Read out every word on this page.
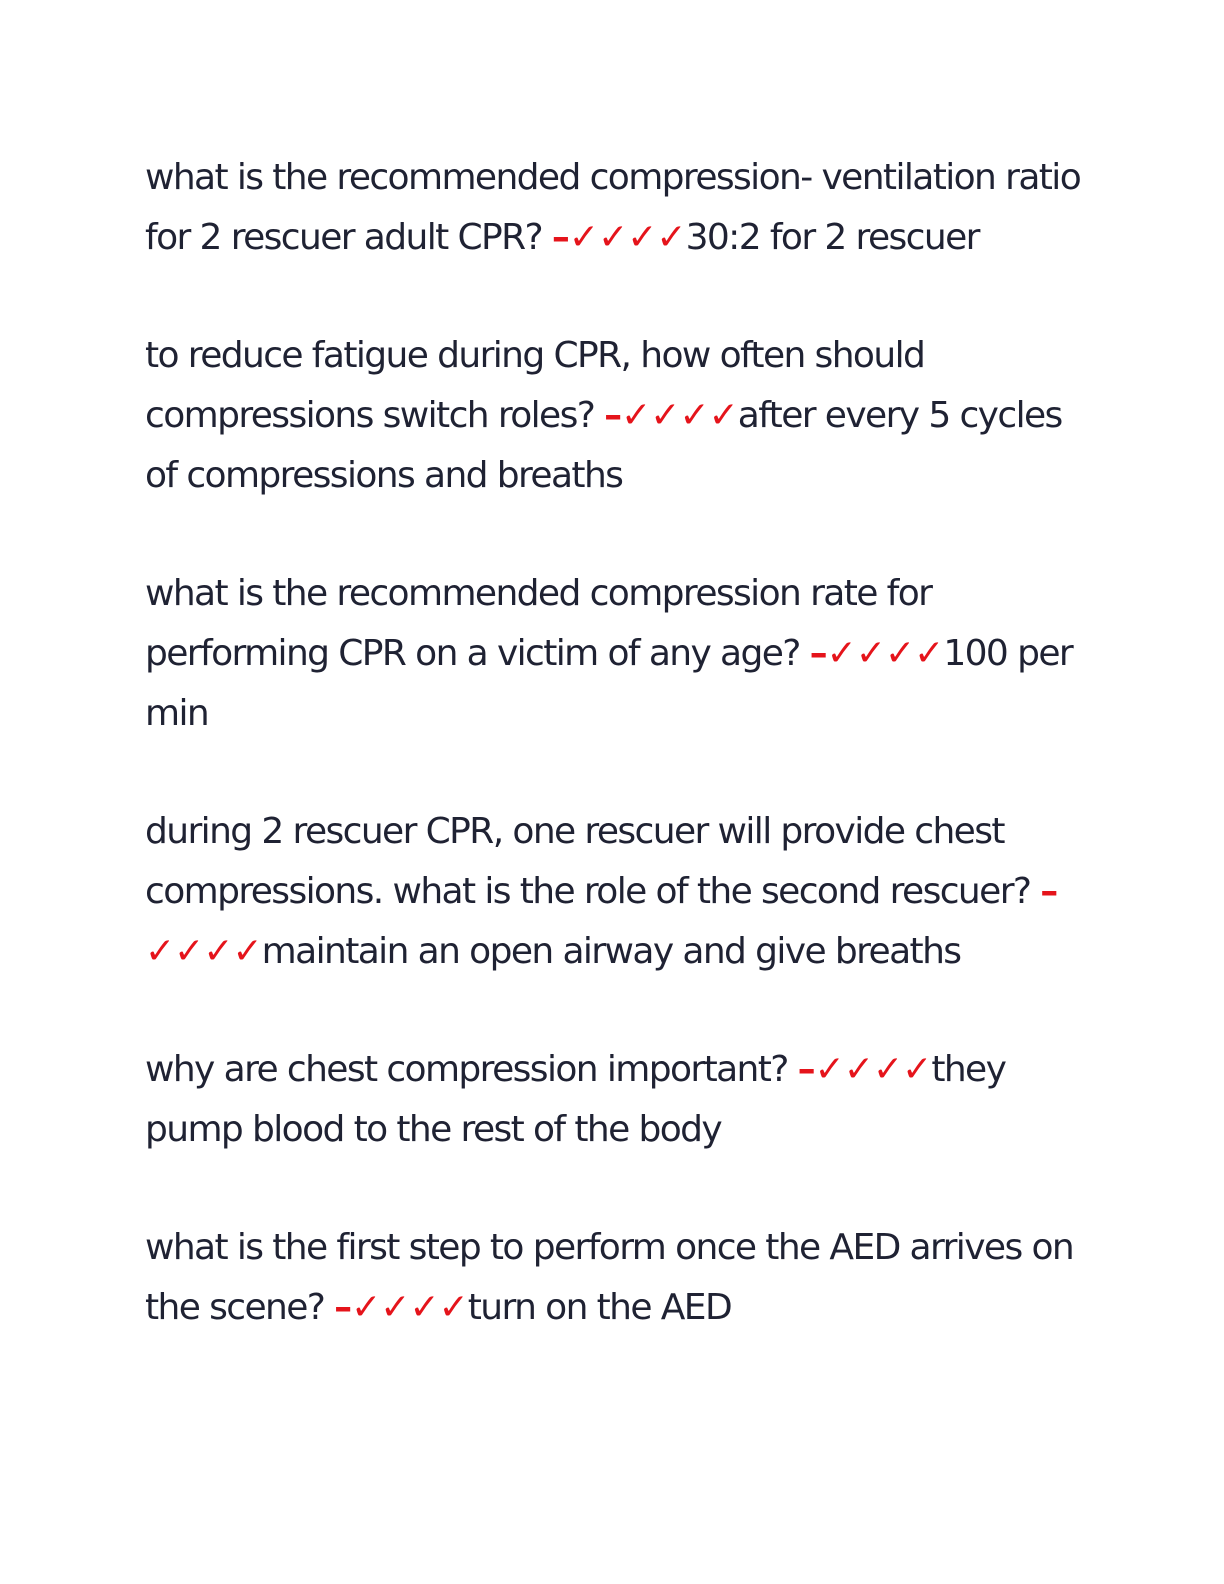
what is the recommended compression- ventilation ratio for 2 rescuer adult CPR? –✓✓✓✓30:2 for 2 rescuer

to reduce fatigue during CPR, how often should compressions switch roles? –✓✓✓✓after every 5 cycles of compressions and breaths

what is the recommended compression rate for performing CPR on a victim of any age? –✓✓✓✓100 per min

during 2 rescuer CPR, one rescuer will provide chest compressions. what is the role of the second rescuer? –✓✓✓✓maintain an open airway and give breaths

why are chest compression important? –✓✓✓✓they pump blood to the rest of the body

what is the first step to perform once the AED arrives on the scene? –✓✓✓✓turn on the AED
